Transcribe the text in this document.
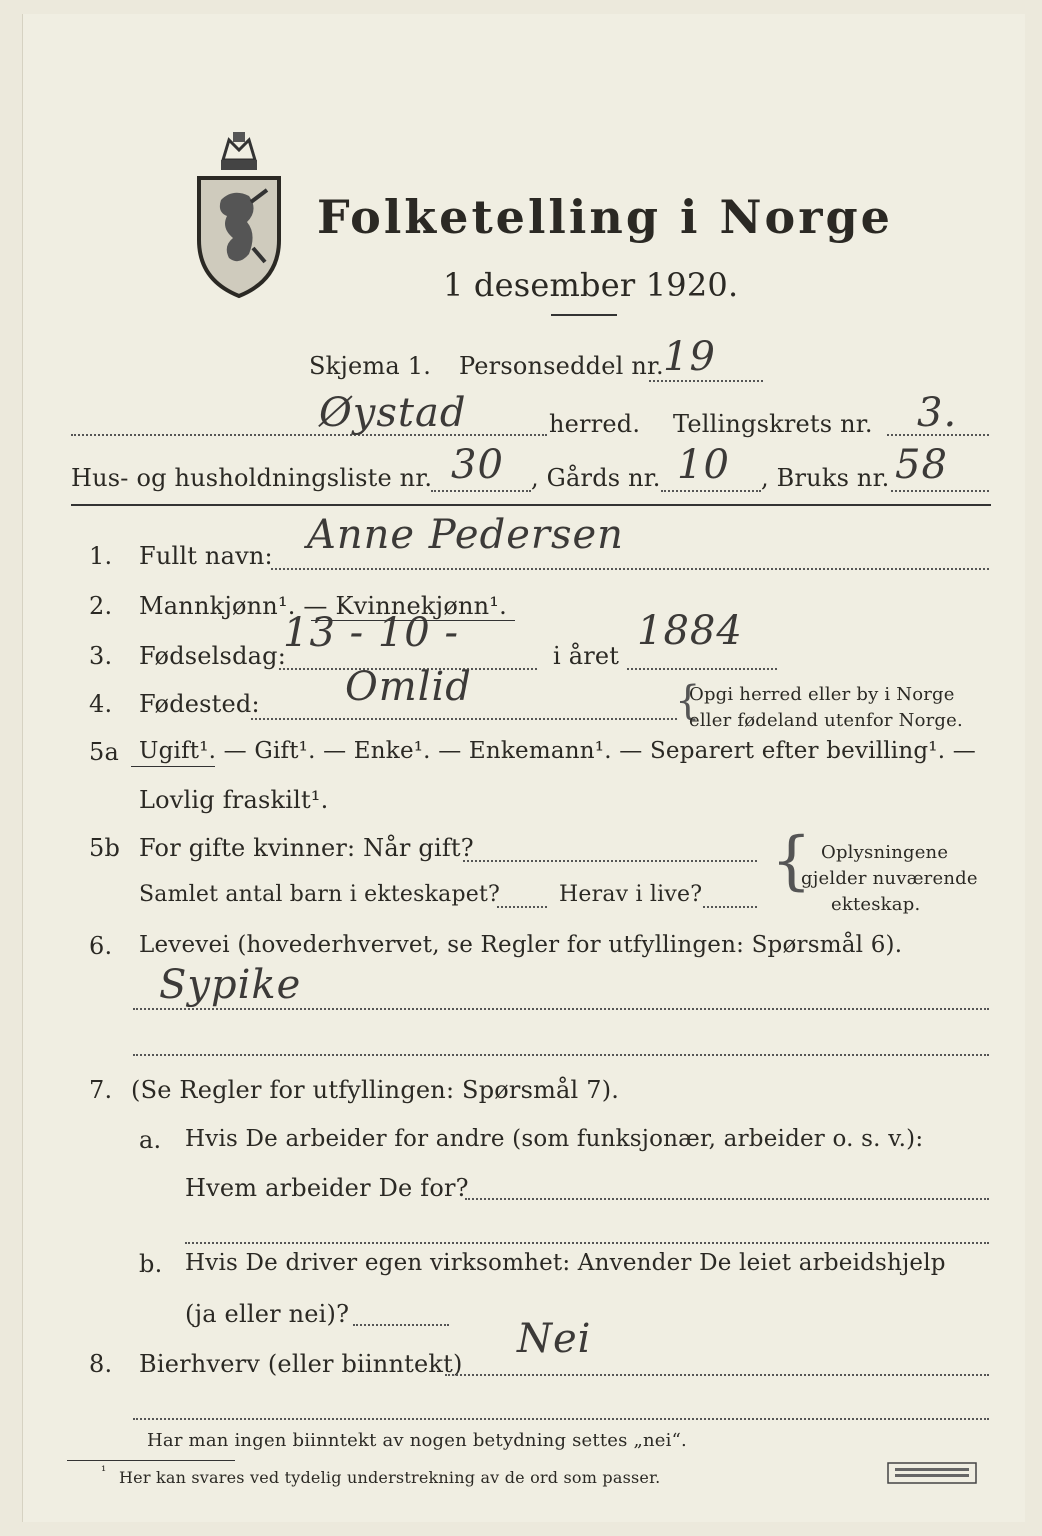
Folketelling i Norge
1 desember 1920.
Skjema 1. Personseddel nr. 19
Øystad	herred. Tellingskrets nr. 3.
Hus- og husholdningsliste nr. 30 , Gårds nr. 10 , Bruks nr. 58
1. Fullt navn: Anne Pedersen
2. Mannkjønn¹. — Kvinnekjønn¹.
3. Fødselsdag:
13 - 10 -	i året
1884
4. Fødested: Omlid	{
Opgi herred eller by i Norge
eller fødeland utenfor Norge.
5a Ugift¹. — Gift¹. — Enke¹. — Enkemann¹. — Separert efter bevilling¹. —
Lovlig fraskilt¹.
5b For gifte kvinner: Når gift?
Samlet antal barn i ekteskapet?	Herav i live? { Oplysningene
gjelder nuværende
ekteskap.
6. Levevei (hovederhvervet, se Regler for utfyllingen: Spørsmål 6).
Sypike
7. (Se Regler for utfyllingen: Spørsmål 7).
a. Hvis De arbeider for andre (som funksjonær, arbeider o. s. v.):
Hvem arbeider De for?
b. Hvis De driver egen virksomhet: Anvender De leiet arbeidshjelp
(ja eller nei)?
8. Bierhverv (eller biinntekt)
Nei
Har man ingen biinntekt av nogen betydning settes „nei“.
¹ Her kan svares ved tydelig understrekning av de ord som passer.
